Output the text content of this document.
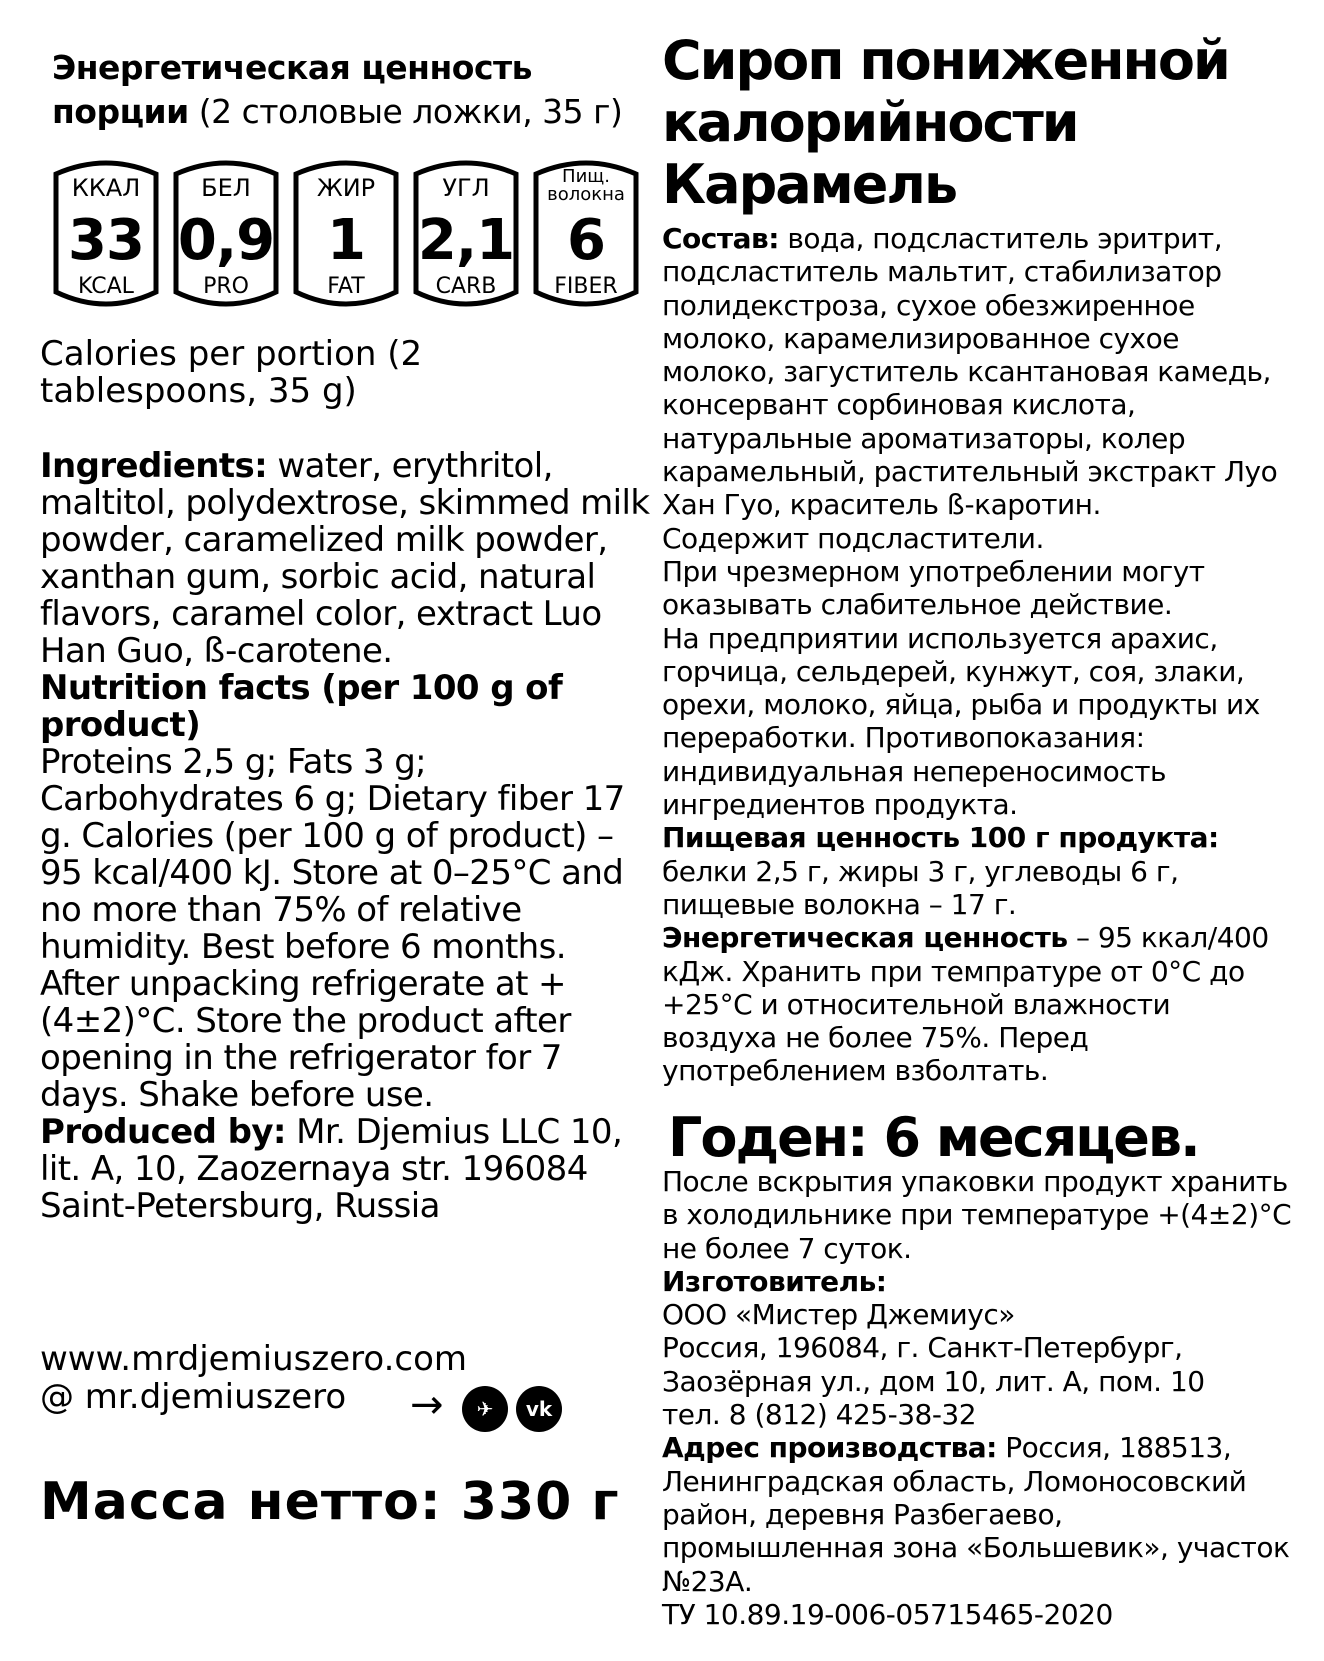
Энергетическая ценность порции (2 столовые ложки, 35 г)
ККАЛ
33
KCAL
БЕЛ
0,9
PRO
ЖИР
1
FAT
УГЛ
2,1
CARB
Пищ. волокна
6
FIBER
Calories per portion (2 tablespoons, 35 g)

Ingredients: water, erythritol, maltitol, polydextrose, skimmed milk powder, caramelized milk powder, xanthan gum, sorbic acid, natural flavors, caramel color, extract Luo Han Guo, ß-carotene.

Nutrition facts (per 100 g of product)

Proteins 2,5 g; Fats 3 g; Carbohydrates 6 g; Dietary fiber 17 g. Calories (per 100 g of product) – 95 kcal/400 kJ. Store at 0–25°C and no more than 75% of relative humidity. Best before 6 months. After unpacking refrigerate at +(4±2)°C. Store the product after opening in the refrigerator for 7 days. Shake before use.

Produced by: Mr. Djemius LLC 10, lit. A, 10, Zaozernaya str. 196084 Saint-Petersburg, Russia

www.mrdjemiuszero.com
@ mr.djemiuszero	→	✈	vk
Масса нетто: 330 г
Сироп пониженной
калорийности
Карамель

Состав: вода, подсластитель эритрит, подсластитель мальтит, стабилизатор полидекстроза, сухое обезжиренное молоко, карамелизированное сухое молоко, загуститель ксантановая камедь, консервант сорбиновая кислота, натуральные ароматизаторы, колер карамельный, растительный экстракт Луо Хан Гуо, краситель ß-каротин.

Содержит подсластители.

При чрезмерном употреблении могут оказывать слабительное действие.

На предприятии используется арахис, горчица, сельдерей, кунжут, соя, злаки, орехи, молоко, яйца, рыба и продукты их переработки. Противопоказания: индивидуальная непереносимость ингредиентов продукта.

Пищевая ценность 100 г продукта:

белки 2,5 г, жиры 3 г, углеводы 6 г, пищевые волокна – 17 г.

Энергетическая ценность – 95 ккал/400 кДж. Хранить при темпратуре от 0°С до +25°С и относительной влажности воздуха не более 75%. Перед употреблением взболтать.

Годен: 6 месяцев.

После вскрытия упаковки продукт хранить в холодильнике при температуре +(4±2)°С не более 7 суток.

Изготовитель:

ООО «Мистер Джемиус»

Россия, 196084, г. Санкт-Петербург,

Заозёрная ул., дом 10, лит. А, пом. 10

тел. 8 (812) 425-38-32

Адрес производства: Россия, 188513, Ленинградская область, Ломоносовский район, деревня Разбегаево, промышленная зона «Большевик», участок №23А.

ТУ 10.89.19-006-05715465-2020
